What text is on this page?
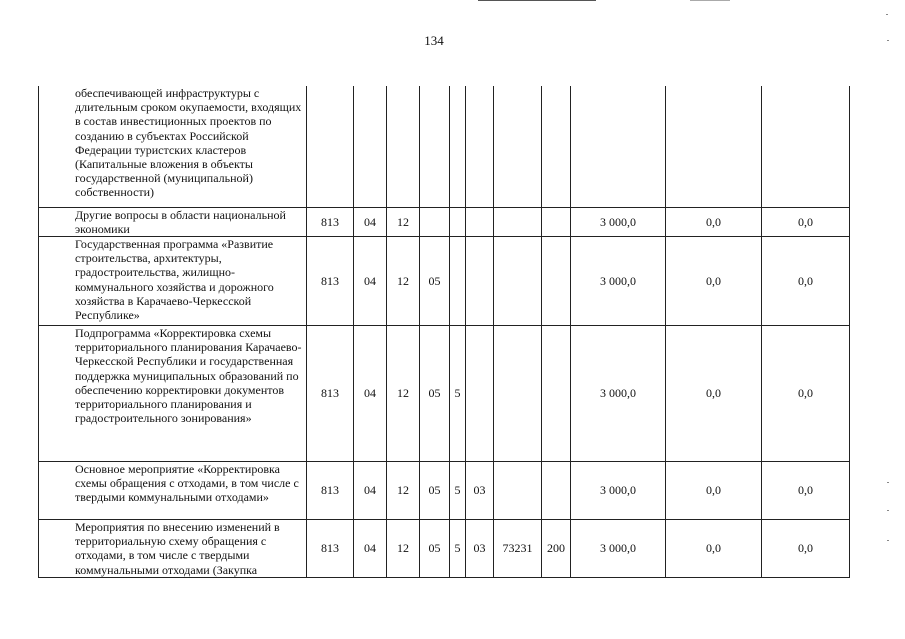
134
обеспечивающей инфраструктуры с длительным сроком окупаемости, входящих в состав инвестиционных проектов по созданию в субъектах Российской Федерации туристских кластеров (Капитальные вложения в объекты государственной (муниципальной) собственности)											
Другие вопросы в области национальной экономики	813	04	12						3 000,0	0,0	0,0
Государственная программа «Развитие строительства, архитектуры, градостроительства, жилищно-коммунального хозяйства и дорожного хозяйства в Карачаево-Черкесской Республике»	813	04	12	05					3 000,0	0,0	0,0
Подпрограмма «Корректировка схемы территориального планирования Карачаево-Черкесской Республики и государственная поддержка муниципальных образований по обеспечению корректировки документов территориального планирования и градостроительного зонирования»	813	04	12	05	5				3 000,0	0,0	0,0
Основное мероприятие «Корректировка схемы обращения с отходами, в том числе с твердыми коммунальными отходами»	813	04	12	05	5	03			3 000,0	0,0	0,0
Мероприятия по внесению изменений в территориальную схему обращения с отходами, в том числе с твердыми коммунальными отходами (Закупка	813	04	12	05	5	03	73231	200	3 000,0	0,0	0,0
